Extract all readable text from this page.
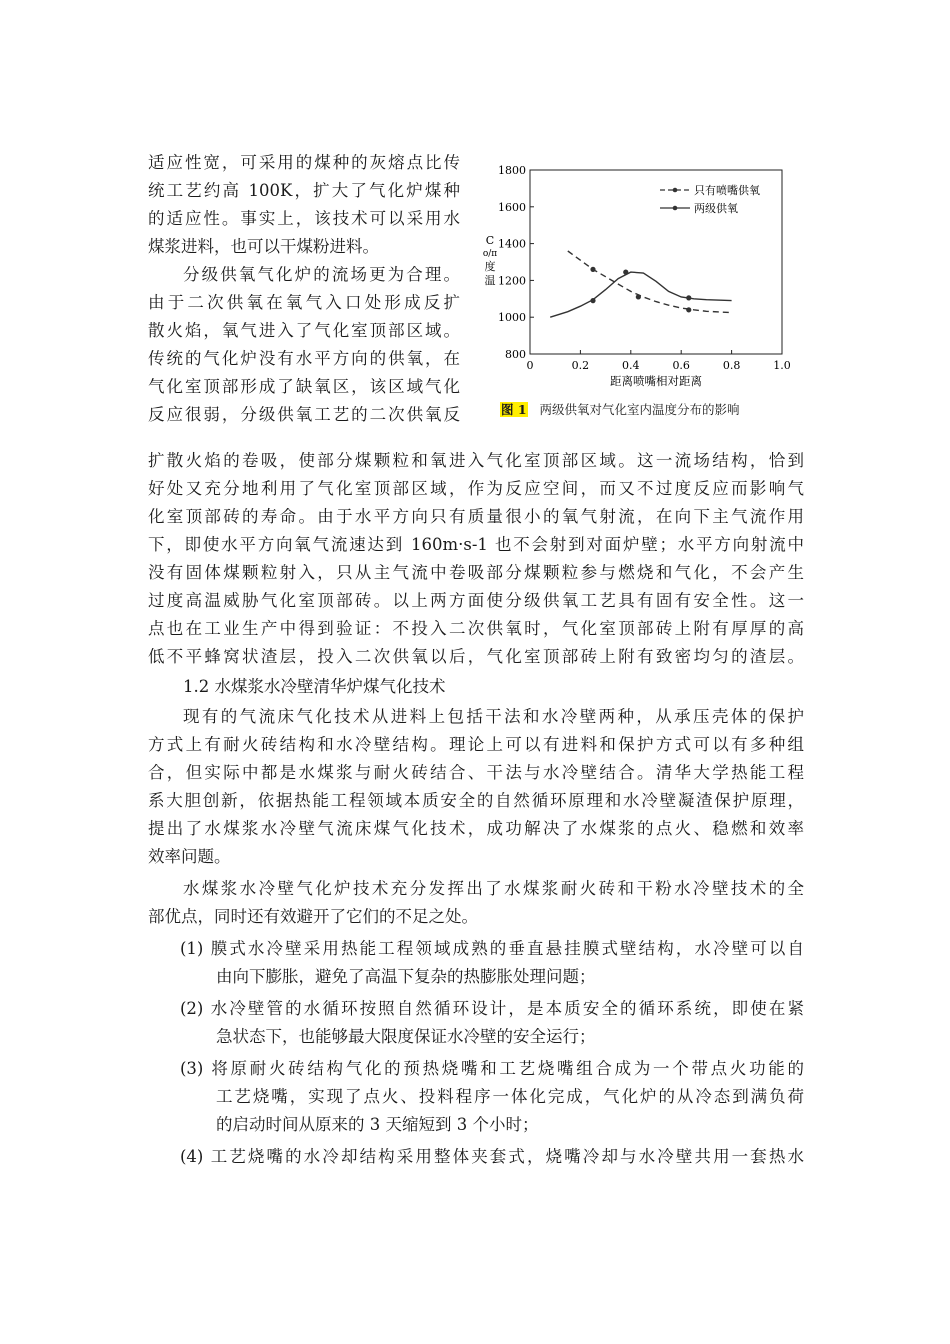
适应性宽，可采用的煤种的灰熔点比传
统工艺约高 100K，扩大了气化炉煤种
的适应性。事实上，该技术可以采用水
煤浆进料，也可以干煤粉进料。
分级供氧气化炉的流场更为合理。
由于二次供氧在氧气入口处形成反扩
散火焰，氧气进入了气化室顶部区域。
传统的气化炉没有水平方向的供氧，在
气化室顶部形成了缺氧区，该区域气化
反应很弱，分级供氧工艺的二次供氧反
0	0.2	0.4	0.6	0.8	1.0
800
1000
1200
1400
1600
1800
距离喷嘴相对距离
C
o/π
度
温
只有喷嘴供氧
两级供氧
图 1 两级供氧对气化室内温度分布的影响
扩散火焰的卷吸，使部分煤颗粒和氧进入气化室顶部区域。这一流场结构，恰到
好处又充分地利用了气化室顶部区域，作为反应空间，而又不过度反应而影响气
化室顶部砖的寿命。由于水平方向只有质量很小的氧气射流，在向下主气流作用
下，即使水平方向氧气流速达到 160m·s-1 也不会射到对面炉壁；水平方向射流中
没有固体煤颗粒射入，只从主气流中卷吸部分煤颗粒参与燃烧和气化，不会产生
过度高温威胁气化室顶部砖。以上两方面使分级供氧工艺具有固有安全性。这一
点也在工业生产中得到验证：不投入二次供氧时，气化室顶部砖上附有厚厚的高
低不平蜂窝状渣层，投入二次供氧以后，气化室顶部砖上附有致密均匀的渣层。
1.2 水煤浆水冷壁清华炉煤气化技术
现有的气流床气化技术从进料上包括干法和水冷壁两种，从承压壳体的保护
方式上有耐火砖结构和水冷壁结构。理论上可以有进料和保护方式可以有多种组
合，但实际中都是水煤浆与耐火砖结合、干法与水冷壁结合。清华大学热能工程
系大胆创新，依据热能工程领域本质安全的自然循环原理和水冷壁凝渣保护原理，
提出了水煤浆水冷壁气流床煤气化技术，成功解决了水煤浆的点火、稳燃和效率
效率问题。
水煤浆水冷壁气化炉技术充分发挥出了水煤浆耐火砖和干粉水冷壁技术的全
部优点，同时还有效避开了它们的不足之处。
(1) 膜式水冷壁采用热能工程领域成熟的垂直悬挂膜式壁结构，水冷壁可以自
由向下膨胀，避免了高温下复杂的热膨胀处理问题；
(2) 水冷壁管的水循环按照自然循环设计，是本质安全的循环系统，即使在紧
急状态下，也能够最大限度保证水冷壁的安全运行；
(3) 将原耐火砖结构气化的预热烧嘴和工艺烧嘴组合成为一个带点火功能的
工艺烧嘴，实现了点火、投料程序一体化完成，气化炉的从冷态到满负荷
的启动时间从原来的 3 天缩短到 3 个小时；
(4) 工艺烧嘴的水冷却结构采用整体夹套式，烧嘴冷却与水冷壁共用一套热水
